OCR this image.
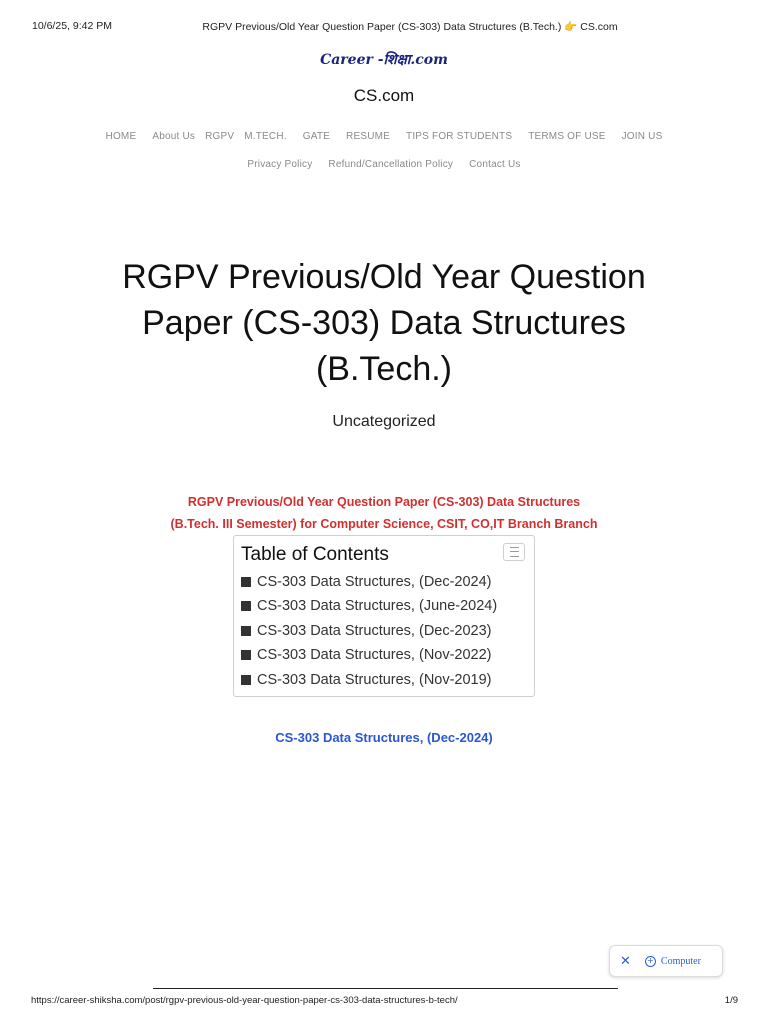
10/6/25, 9:42 PM	RGPV Previous/Old Year Question Paper (CS-303) Data Structures (B.Tech.) 👉 CS.com
Career -शिक्षा.com
CS.com
HOME About Us RGPV M.TECH. GATE RESUME TIPS FOR STUDENTS TERMS OF USE JOIN US
Privacy Policy Refund/Cancellation Policy Contact Us
RGPV Previous/Old Year Question Paper (CS-303) Data Structures (B.Tech.)
Uncategorized
RGPV Previous/Old Year Question Paper (CS-303) Data Structures
(B.Tech. III Semester) for Computer Science, CSIT, CO,IT Branch Branch
Table of Contents
CS-303 Data Structures, (Dec-2024)
CS-303 Data Structures, (June-2024)
CS-303 Data Structures, (Dec-2023)
CS-303 Data Structures, (Nov-2022)
CS-303 Data Structures, (Nov-2019)
CS-303 Data Structures, (Dec-2024)
✕ + Computer
https://career-shiksha.com/post/rgpv-previous-old-year-question-paper-cs-303-data-structures-b-tech/	1/9
